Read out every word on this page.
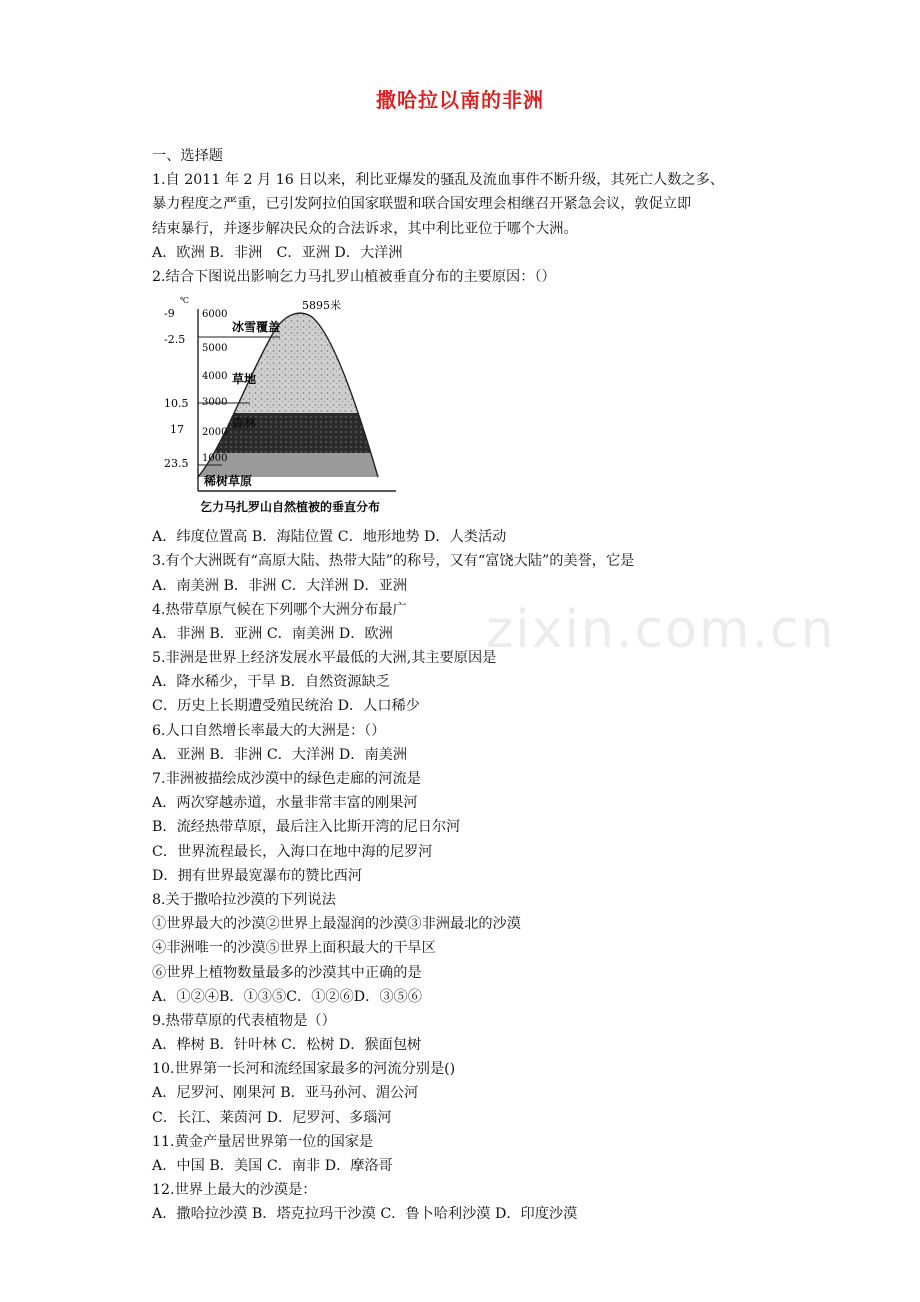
zixin.com.cn
撒哈拉以南的非洲
一、选择题
1.自 2011 年 2 月 16 日以来，利比亚爆发的骚乱及流血事件不断升级，其死亡人数之多、
暴力程度之严重，已引发阿拉伯国家联盟和联合国安理会相继召开紧急会议，敦促立即
结束暴行，并逐步解决民众的合法诉求，其中利比亚位于哪个大洲。
A．欧洲 B．非洲　C．亚洲 D．大洋洲
2.结合下图说出影响乞力马扎罗山植被垂直分布的主要原因：（）
℃
-9
-2.5
10.5
17
23.5
6000
5000
4000
3000
2000
1000
冰雪覆盖
草地
森林
稀树草原
5895米
乞力马扎罗山自然植被的垂直分布
A．纬度位置高 B．海陆位置 C．地形地势 D．人类活动
3.有个大洲既有“高原大陆、热带大陆”的称号，又有“富饶大陆”的美誉，它是
A．南美洲 B．非洲 C．大洋洲 D．亚洲
4.热带草原气候在下列哪个大洲分布最广
A．非洲 B．亚洲 C．南美洲 D．欧洲
5.非洲是世界上经济发展水平最低的大洲,其主要原因是
A．降水稀少，干旱 B．自然资源缺乏
C．历史上长期遭受殖民统治 D．人口稀少
6.人口自然增长率最大的大洲是：（）
A．亚洲 B．非洲 C．大洋洲 D．南美洲
7.非洲被描绘成沙漠中的绿色走廊的河流是
A．两次穿越赤道，水量非常丰富的刚果河
B．流经热带草原，最后注入比斯开湾的尼日尔河
C．世界流程最长，入海口在地中海的尼罗河
D．拥有世界最宽瀑布的赞比西河
8.关于撒哈拉沙漠的下列说法
①世界最大的沙漠②世界上最湿润的沙漠③非洲最北的沙漠
④非洲唯一的沙漠⑤世界上面积最大的干旱区
⑥世界上植物数量最多的沙漠其中正确的是
A．①②④B．①③⑤C．①②⑥D．③⑤⑥
9.热带草原的代表植物是（）
A．桦树 B．针叶林 C．松树 D．猴面包树
10.世界第一长河和流经国家最多的河流分别是()
A．尼罗河、刚果河 B．亚马孙河、湄公河
C．长江、莱茵河 D．尼罗河、多瑙河
11.黄金产量居世界第一位的国家是
A．中国 B．美国 C．南非 D．摩洛哥
12.世界上最大的沙漠是：
A．撒哈拉沙漠 B．塔克拉玛干沙漠 C．鲁卜哈利沙漠 D．印度沙漠
